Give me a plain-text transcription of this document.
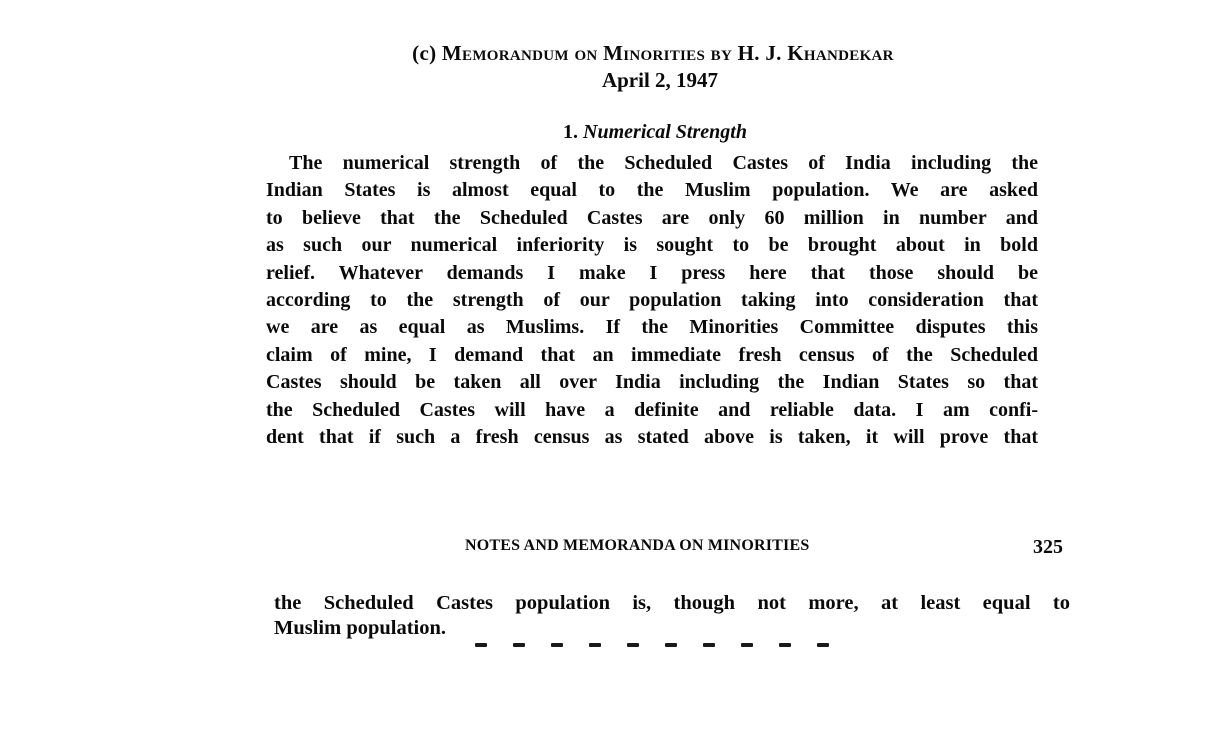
(c) Memorandum on Minorities by H. J. Khandekar
April 2, 1947
1. Numerical Strength
The numerical strength of the Scheduled Castes of India including the
Indian States is almost equal to the Muslim population. We are asked
to believe that the Scheduled Castes are only 60 million in number and
as such our numerical inferiority is sought to be brought about in bold
relief. Whatever demands I make I press here that those should be
according to the strength of our population taking into consideration that
we are as equal as Muslims. If the Minorities Committee disputes this
claim of mine, I demand that an immediate fresh census of the Scheduled
Castes should be taken all over India including the Indian States so that
the Scheduled Castes will have a definite and reliable data. I am confi-
dent that if such a fresh census as stated above is taken, it will prove that
NOTES AND MEMORANDA ON MINORITIES	325
the Scheduled Castes population is, though not more, at least equal to
Muslim population.
